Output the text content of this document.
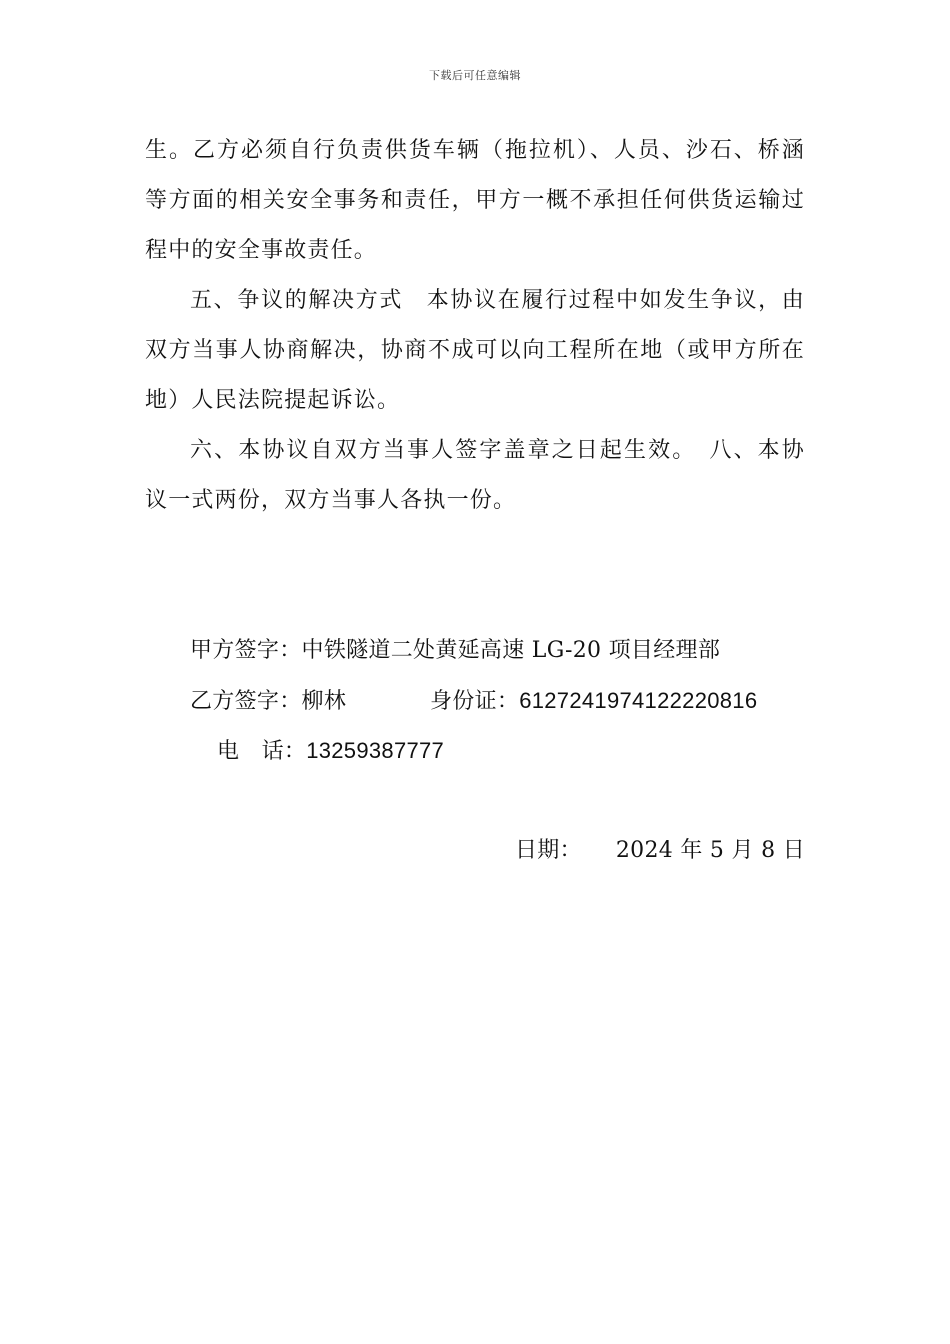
下载后可任意编辑

生。乙方必须自行负责供货车辆（拖拉机）、人员、沙石、桥涵等方面的相关安全事务和责任，甲方一概不承担任何供货运输过程中的安全事故责任。

五、争议的解决方式　本协议在履行过程中如发生争议，由双方当事人协商解决，协商不成可以向工程所在地（或甲方所在地）人民法院提起诉讼。

六、本协议自双方当事人签字盖章之日起生效。　八、本协议一式两份，双方当事人各执一份。

甲方签字：中铁隧道二处黄延高速 LG-20 项目经理部
乙方签字：柳林	身份证：6127241974122220816
电　话：13259387777
日期： 2024 年 5 月 8 日
